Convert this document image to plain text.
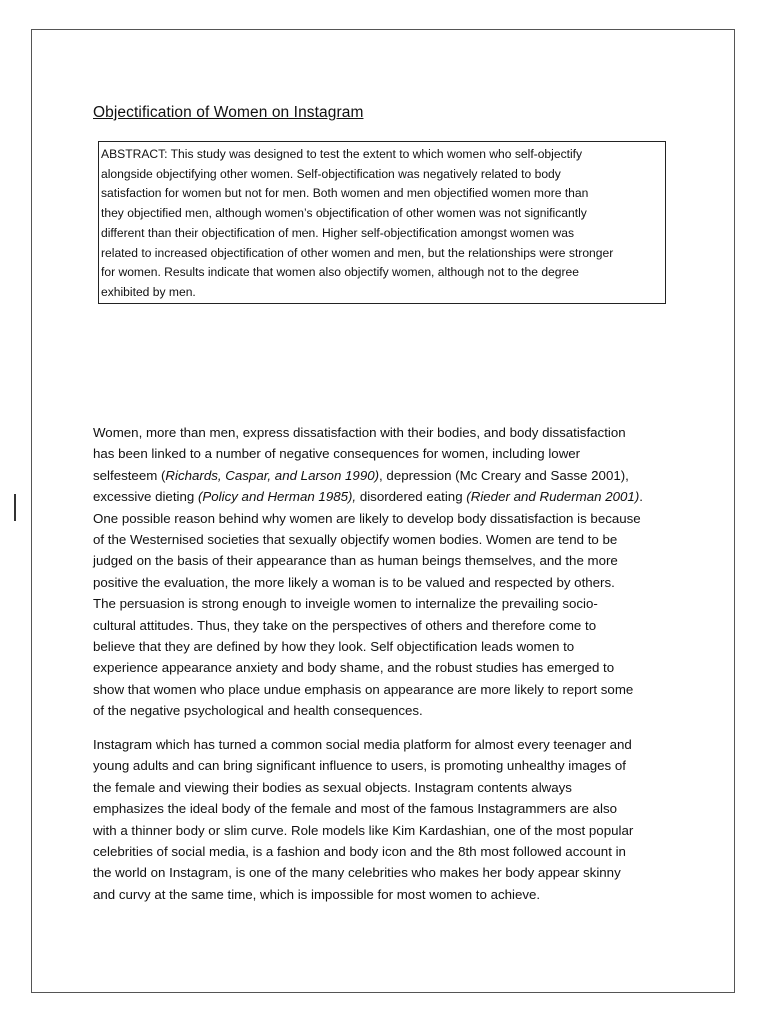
Objectification of Women on Instagram
ABSTRACT: This study was designed to test the extent to which women who self-objectify
alongside objectifying other women. Self-objectification was negatively related to body
satisfaction for women but not for men. Both women and men objectified women more than
they objectified men, although women’s objectification of other women was not significantly
different than their objectification of men. Higher self-objectification amongst women was
related to increased objectification of other women and men, but the relationships were stronger
for women. Results indicate that women also objectify women, although not to the degree
exhibited by men.
Women, more than men, express dissatisfaction with their bodies, and body dissatisfaction
has been linked to a number of negative consequences for women, including lower
selfesteem (Richards, Caspar, and Larson 1990), depression (Mc Creary and Sasse 2001),
excessive dieting (Policy and Herman 1985), disordered eating (Rieder and Ruderman 2001).
One possible reason behind why women are likely to develop body dissatisfaction is because
of the Westernised societies that sexually objectify women bodies. Women are tend to be
judged on the basis of their appearance than as human beings themselves, and the more
positive the evaluation, the more likely a woman is to be valued and respected by others.
The persuasion is strong enough to inveigle women to internalize the prevailing socio-
cultural attitudes. Thus, they take on the perspectives of others and therefore come to
believe that they are defined by how they look. Self objectification leads women to
experience appearance anxiety and body shame, and the robust studies has emerged to
show that women who place undue emphasis on appearance are more likely to report some
of the negative psychological and health consequences.
Instagram which has turned a common social media platform for almost every teenager and
young adults and can bring significant influence to users, is promoting unhealthy images of
the female and viewing their bodies as sexual objects. Instagram contents always
emphasizes the ideal body of the female and most of the famous Instagrammers are also
with a thinner body or slim curve. Role models like Kim Kardashian, one of the most popular
celebrities of social media, is a fashion and body icon and the 8th most followed account in
the world on Instagram, is one of the many celebrities who makes her body appear skinny
and curvy at the same time, which is impossible for most women to achieve.
